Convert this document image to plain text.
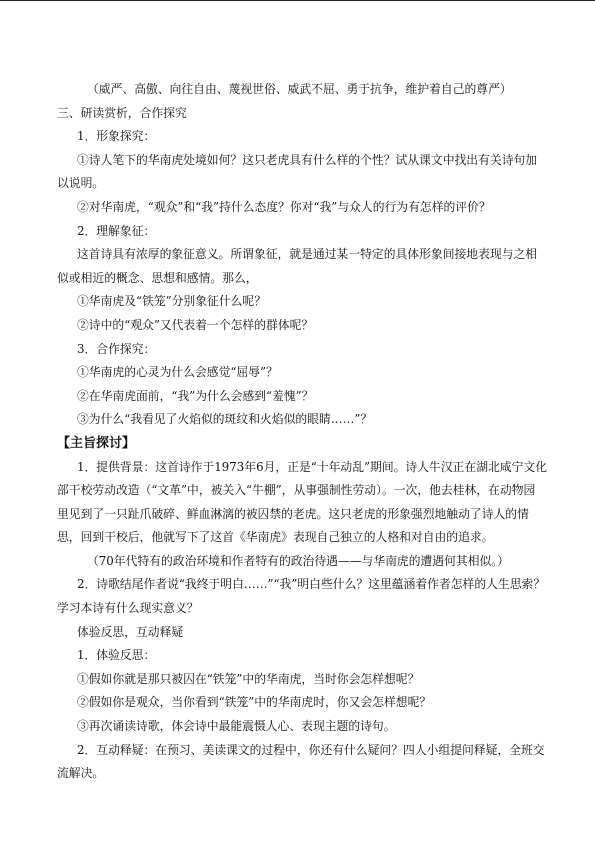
（威严、高傲、向往自由、蔑视世俗、威武不屈、勇于抗争，维护着自己的尊严）

三、研读赏析，合作探究

1．形象探究：

①诗人笔下的华南虎处境如何？这只老虎具有什么样的个性？试从课文中找出有关诗句加以说明。

②对华南虎，“观众”和“我”持什么态度？你对“我”与众人的行为有怎样的评价？

2．理解象征：

这首诗具有浓厚的象征意义。所谓象征，就是通过某一特定的具体形象间接地表现与之相似或相近的概念、思想和感情。那么，

①华南虎及“铁笼”分别象征什么呢？

②诗中的“观众”又代表着一个怎样的群体呢？

3．合作探究：

①华南虎的心灵为什么会感觉“屈辱”？

②在华南虎面前，“我”为什么会感到“羞愧”？

③为什么“我看见了火焰似的斑纹和火焰似的眼睛……”？

【主旨探讨】

1．提供背景：这首诗作于1973年6月，正是“十年动乱”期间。诗人牛汉正在湖北咸宁文化部干校劳动改造（“文革”中，被关入“牛棚”，从事强制性劳动）。一次，他去桂林，在动物园里见到了一只趾爪破碎、鲜血淋漓的被囚禁的老虎。这只老虎的形象强烈地触动了诗人的情思，回到干校后，他就写下了这首《华南虎》表现自己独立的人格和对自由的追求。

（70年代特有的政治环境和作者特有的政治待遇——与华南虎的遭遇何其相似。）

2．诗歌结尾作者说“我终于明白……”“我”明白些什么？这里蕴涵着作者怎样的人生思索？学习本诗有什么现实意义？

体验反思，互动释疑

1．体验反思：

①假如你就是那只被囚在“铁笼”中的华南虎，当时你会怎样想呢？

②假如你是观众，当你看到“铁笼”中的华南虎时，你又会怎样想呢？

③再次诵读诗歌，体会诗中最能震慑人心、表现主题的诗句。

2．互动释疑：在预习、美读课文的过程中，你还有什么疑问？四人小组提问释疑，全班交流解决。
